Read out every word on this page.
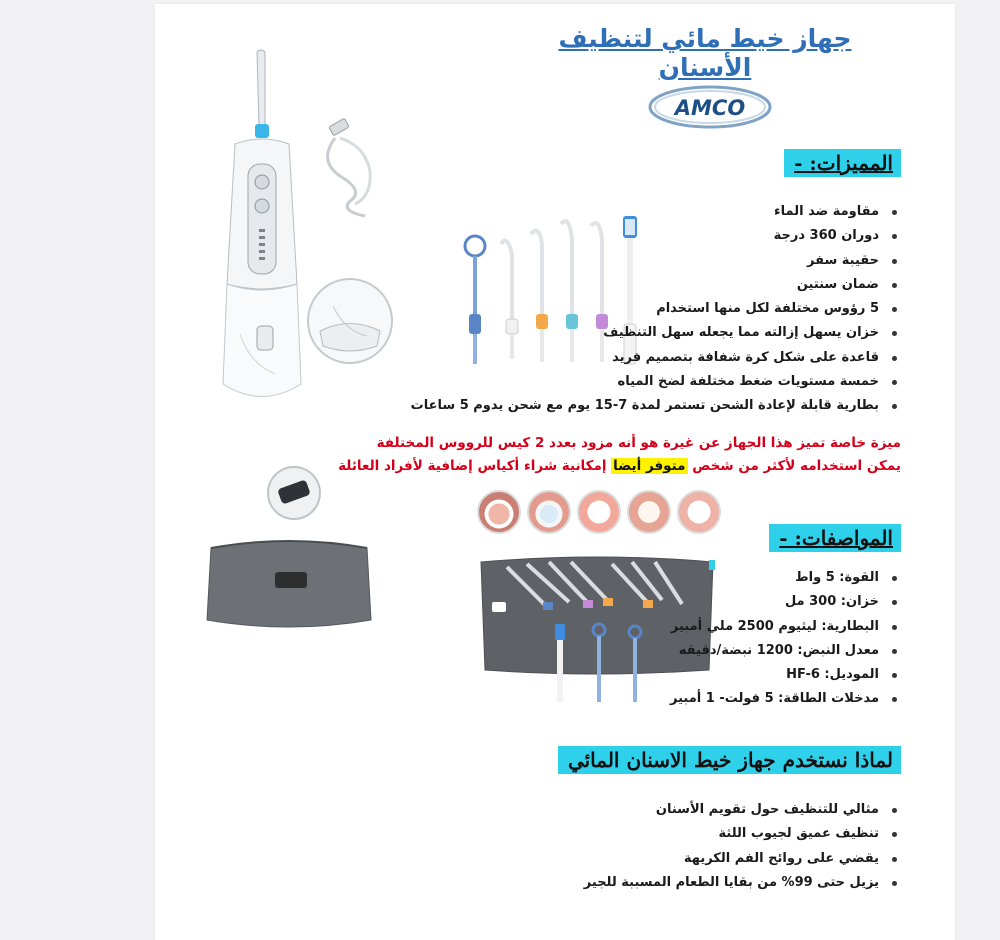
جهاز خيط مائي لتنظيف الأسنان
AMCO
المميزات: -
مقاومة ضد الماء
دوران 360 درجة
حقيبة سفر
ضمان سنتين
5 رؤوس مختلفة لكل منها استخدام
خزان يسهل إزالته مما يجعله سهل التنظيف
قاعدة على شكل كرة شفافة بتصميم فريد
خمسة مستويات ضغط مختلفة لضخ المياه
بطارية قابلة لإعادة الشحن تستمر لمدة 7-15 يوم مع شحن يدوم 5 ساعات
ميزة خاصة تميز هذا الجهاز عن غيرة هو أنه مزود بعدد 2 كيس للرووس المختلفة
يمكن استخدامه لأكثر من شخص متوفر أيضا إمكانية شراء أكياس إضافية لأفراد العائلة
المواصفات: -
القوة: 5 واط
خزان: 300 مل
البطارية: ليثيوم 2500 ملي أمبير
معدل النبض: 1200 نبضة/دقيقه
الموديل: HF-6
مدخلات الطاقة: 5 فولت- 1 أمبير
لماذا نستخدم جهاز خيط الاسنان المائي
مثالي للتنظيف حول تقويم الأسنان
تنظيف عميق لجيوب اللثة
يقضي على روائح الفم الكريهة
يزيل حتى 99% من بقايا الطعام المسببة للجير
